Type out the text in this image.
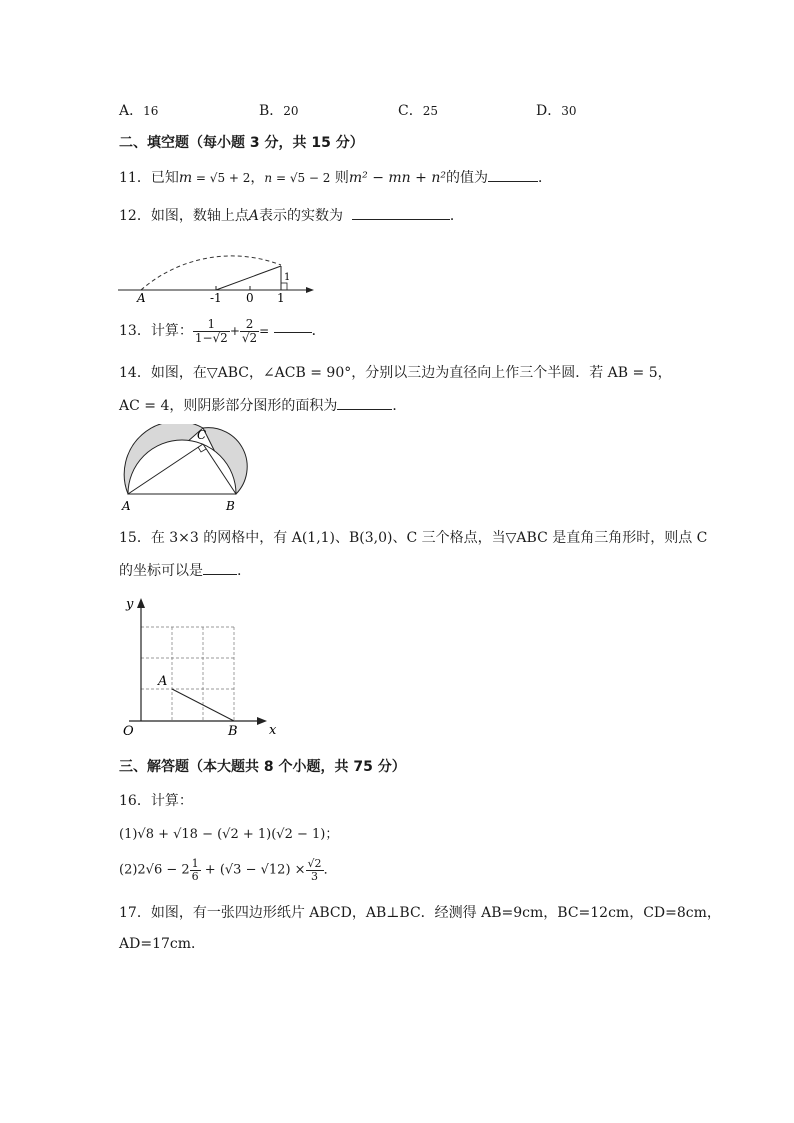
A．16	B．20	C．25	D．30
二、填空题（每小题 3 分，共 15 分）
11．已知m = √5 + 2，n = √5 − 2 则m² − mn + n²的值为	．
12．如图，数轴上点A表示的实数为	．
A	-1 0 1
1
13．计算： $\frac{1}{1-√2} + \frac{2}{√2}$ =	．
14．如图，在▽ABC，∠ACB = 90°，分别以三边为直径向上作三个半圆．若 AB = 5，
AC = 4，则阴影部分图形的面积为	．
A	B
C
15．在 3×3 的网格中，有 A(1,1)、B(3,0)、C 三个格点，当▽ABC 是直角三角形时，则点 C
的坐标可以是 .
y
x
O
A
B
三、解答题（本大题共 8 个小题，共 75 分）
16．计算：
(1)√8 + √18 − (√2 + 1)(√2 − 1)；
$(2)2√6 - 2 \frac{1}{6} + (√3 - √12) \times \frac{√2}{3}$ ．
17．如图，有一张四边形纸片 ABCD，AB⊥BC．经测得 AB=9cm，BC=12cm，CD=8cm，
AD=17cm．
